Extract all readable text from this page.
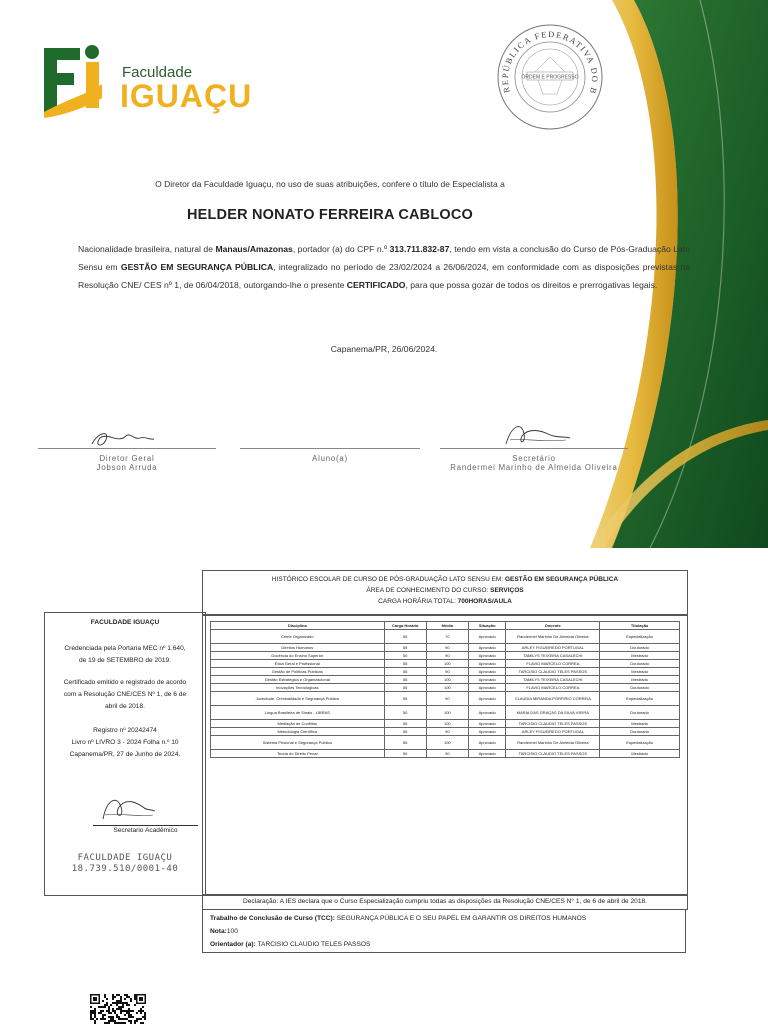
Faculdade
IGUAÇU	REPÚBLICA FEDERATIVA DO B
ORDEM E PROGRESSO
O Diretor da Faculdade Iguaçu, no uso de suas atribuições, confere o título de Especialista a
HELDER NONATO FERREIRA CABLOCO
Nacionalidade brasileira, natural de Manaus/Amazonas, portador (a) do CPF n.º 313.711.832-87, tendo em vista a conclusão do Curso de Pós-Graduação Lato Sensu em GESTÃO EM SEGURANÇA PÚBLICA, integralizado no período de 23/02/2024 a 26/06/2024, em conformidade com as disposições previstas na Resolução CNE/ CES nº 1, de 06/04/2018, outorgando-lhe o presente CERTIFICADO, para que possa gozar de todos os direitos e prerrogativas legais.
Capanema/PR, 26/06/2024.
Diretor Geral
Jobson Arruda
Aluno(a)	Secretário
Randermei Marinho de Almeida Oliveira
HISTÓRICO ESCOLAR DE CURSO DE PÓS-GRADUAÇÃO LATO SENSU EM: GESTÃO EM SEGURANÇA PÚBLICA
ÁREA DE CONHECIMENTO DO CURSO: SERVIÇOS
CARGA HORÁRIA TOTAL: 700HORAS/AULA

FACULDADE IGUAÇU

Credenciada pela Portaria MEC nº 1.640,

de 19 de SETEMBRO de 2019.

Certificado emitido e registrado de acordo

com a Resolução CNE/CES Nº 1, de 6 de

abril de 2018.

Registro nº 20242474

Livro nº LIVRO 3 - 2024 Folha n.º 10

Capanema/PR, 27 de Junho de 2024.

Secretario Acadêmico
FACULDADE IGUAÇU
18.739.510/0001-40
Disciplina	Carga Horária	Média	Situação	Docente	Titulação
Crime Organizado	55	70	Aprovado	Randermei Marinho De Almeida Oliveira	Especialização
Direitos Humanos	55	90	Aprovado	ARLEY FIGUEIREDO PORTUGAL	Doutorado
Docência do Ensino Superior	50	90	Aprovado	TAMILYS TEIXEIRA CASALECHI	Mestrado
Ética Geral e Profissional	55	100	Aprovado	FLAVIO MARCELO CORREA	Doutorado
Gestão de Políticas Públicas	55	90	Aprovado	TARCISIO CLAUDIO TELES PASSOS	Mestrado
Gestão Estratégica e Organizacional	55	100	Aprovado	TAMILYS TEIXEIRA CASALECHI	Mestrado
Inovações Tecnológicas	55	100	Aprovado	FLAVIO MARCELO CORREA	Doutorado
Juventude, Criminalidade e Segurança Pública	55	90	Aprovado	CLAUDIA MIRANDA PORFIRIO CORREIA	Especialização
Língua Brasileira de Sinais - LIBRAS	50	100	Aprovado	MARIA DAS GRAÇAS DA SILVA VIEIRA	Doutorado
Mediação de Conflitos	55	100	Aprovado	TARCISIO CLAUDIO TELES PASSOS	Mestrado
Metodologia Científica	55	90	Aprovado	ARLEY FIGUEIREDO PORTUGAL	Doutorado
Sistema Prisional e Segurança Pública	55	100	Aprovado	Randermei Marinho De Almeida Oliveira	Especialização
Teoria do Direito Penal	50	90	Aprovado	TARCISIO CLAUDIO TELES PASSOS	Mestrado
Declaração: A IES declara que o Curso Especialização cumpriu todas as disposições da Resolução CNE/CES N° 1, de 6 de abril de 2018.
Trabalho de Conclusão de Curso (TCC): SEGURANÇA PÚBLICA E O SEU PAPEL EM GARANTIR OS DIREITOS HUMANOS
Nota:100
Orientador (a): TARCISIO CLAUDIO TELES PASSOS
